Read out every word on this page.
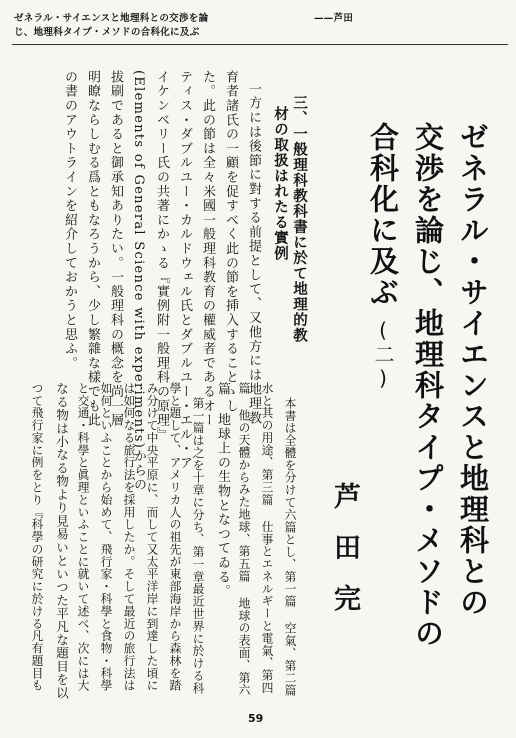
ゼネラル・サイエンスと地理科との交渉を論
じ、地理科タイプ・メソドの合科化に及ぶ
——芦田
ゼネラル・サイエンスと地理科との
交渉を論じ、地理科タイプ・メソドの
合科化に及ぶ(二)
芦田完
三、一般理科教科書に於て地理的教
材の取扱はれたる實例
一方には後節に對する前提として、又他方には地理教
育者諸氏の一顧を促すべく此の節を挿入することゝし
た。此の節は全々米國一般理科教育の權威者であるオー
ティス・ダブルユー・カルドウェル氏とダブルユー・エル・ア
イケンベリー氏の共著にかゝる『實例附一般理科の原理』
(Elements of General Science with experiments)からの
拔刷であると御承知ありたい。一般理科の概念を尚一層
明瞭ならしむる爲ともなろうから、少し繁雜な樣でも此
の書のアウトラインを紹介しておかうと思ふ。
本書は全體を分けて六篇とし、第一篇 空氣、第二篇
水と其の用途、第三篇 仕事とエネルギーと電氣、第四
篇 他の天體からみた地球、第五篇 地球の表面、第六
篇 地球上の生物となつてゐる。
第一篇は之を十章に分ち、第一章最近世界に於ける科
學と題して、アメリカ人の祖先が東部海岸から森林を踏
み分けて中央平原に、而して又太平洋岸に到達した頃に
は如何なる旅行法を採用したか。そして最近の旅行法は
如何といふことから始めて、飛行家・科學と食物・科學
と交通・科學と眞理といふことに就いて述べ、次には大
なる物は小なる物より見易いといつた平凡な題目を以
つて飛行家に例をとり『科學の研究に於ける凡有題目も
59
